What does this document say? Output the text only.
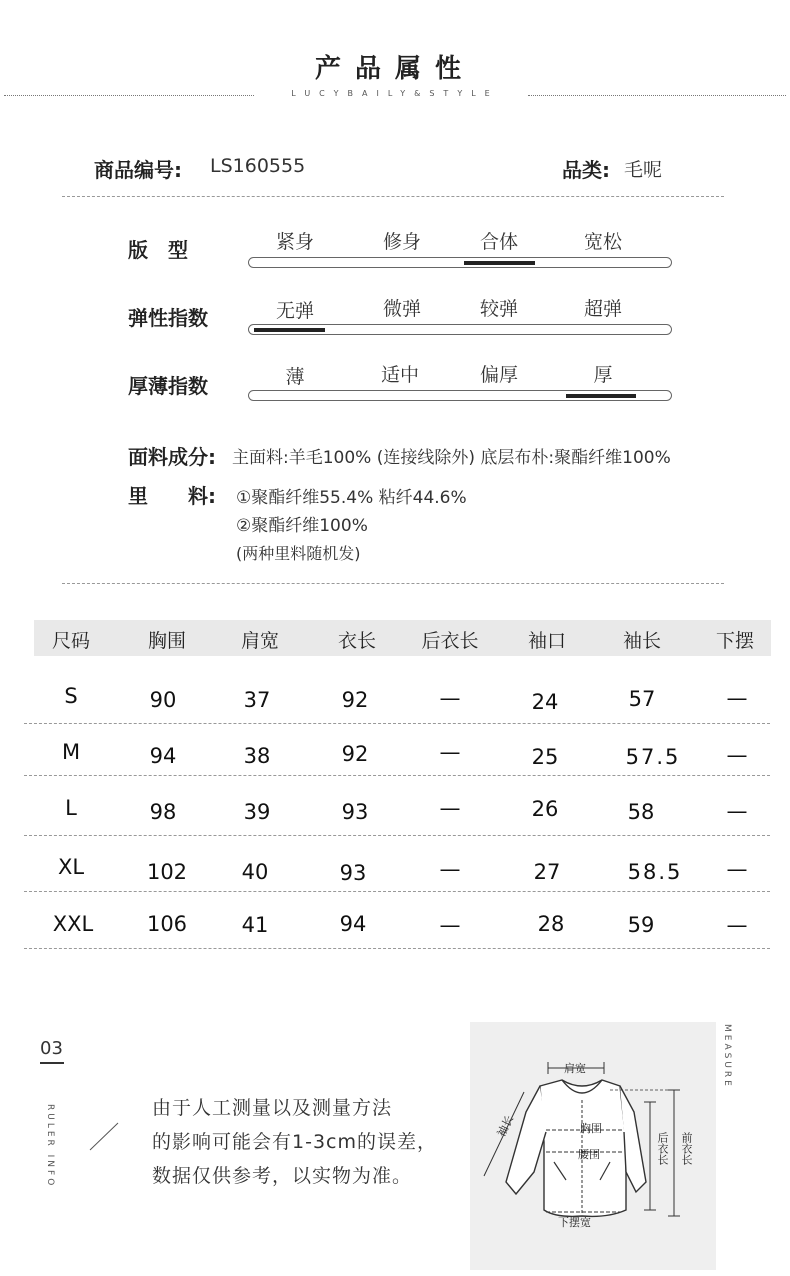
产品属性
LUCYBAILY&STYLE
商品编号: LS160555	品类: 毛呢
版　型	紧身	修身	合体	宽松
弹性指数	无弹	微弹	较弹	超弹
厚薄指数	薄	适中	偏厚	厚
面料成分: 主面料:羊毛100% (连接线除外) 底层布朴:聚酯纤维100%
里　　料: ①聚酯纤维55.4% 粘纤44.6%
②聚酯纤维100%
(两种里料随机发)
尺码	胸围	肩宽	衣长	后衣长	袖口	袖长	下摆
S	90	37	92	—	24	57	—
M	94	38	92	—	25	57.5	—
L	98	39	93	—	26	58	—
XL	102	40	93	—	27	58.5	—
XXL	106	41	94	—	28	59	—
03
RULER INFO	由于人工测量以及测量方法
的影响可能会有1-3cm的误差，
数据仅供参考，以实物为准。
肩宽
袖长	胸围
腰围	后衣长 前衣长
下摆宽
MEASURE
